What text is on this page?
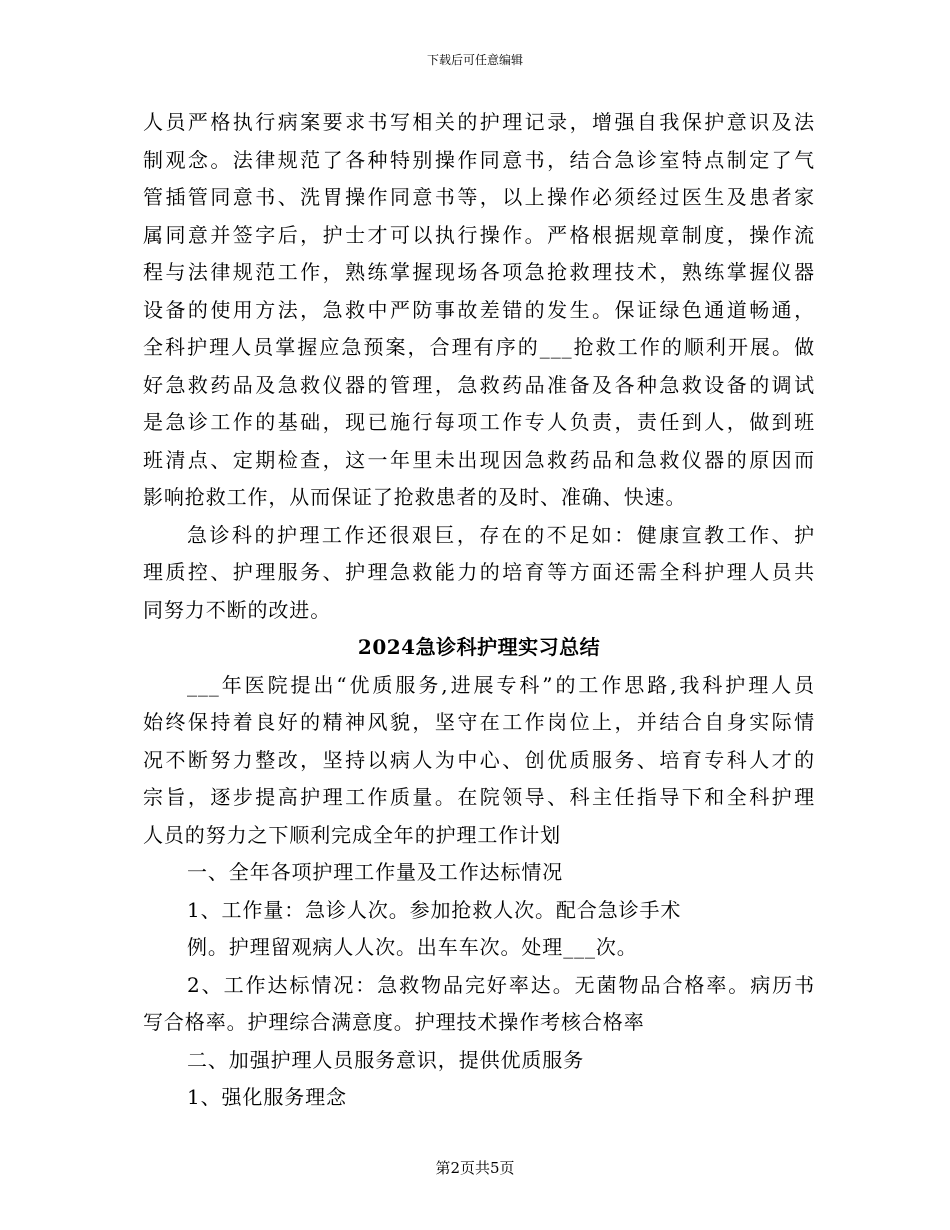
下载后可任意编辑
人员严格执行病案要求书写相关的护理记录，增强自我保护意识及法
制观念。法律规范了各种特别操作同意书，结合急诊室特点制定了气
管插管同意书、洗胃操作同意书等，以上操作必须经过医生及患者家
属同意并签字后，护士才可以执行操作。严格根据规章制度，操作流
程与法律规范工作，熟练掌握现场各项急抢救理技术，熟练掌握仪器
设备的使用方法，急救中严防事故差错的发生。保证绿色通道畅通，
全科护理人员掌握应急预案，合理有序的___抢救工作的顺利开展。做
好急救药品及急救仪器的管理，急救药品准备及各种急救设备的调试
是急诊工作的基础，现已施行每项工作专人负责，责任到人，做到班
班清点、定期检查，这一年里未出现因急救药品和急救仪器的原因而
影响抢救工作，从而保证了抢救患者的及时、准确、快速。
急诊科的护理工作还很艰巨，存在的不足如：健康宣教工作、护
理质控、护理服务、护理急救能力的培育等方面还需全科护理人员共
同努力不断的改进。
2024急诊科护理实习总结
___年医院提出“优质服务,进展专科”的工作思路,我科护理人员
始终保持着良好的精神风貌，坚守在工作岗位上，并结合自身实际情
况不断努力整改，坚持以病人为中心、创优质服务、培育专科人才的
宗旨，逐步提高护理工作质量。在院领导、科主任指导下和全科护理
人员的努力之下顺利完成全年的护理工作计划
一、全年各项护理工作量及工作达标情况
1、工作量：急诊人次。参加抢救人次。配合急诊手术
例。护理留观病人人次。出车车次。处理___次。
2、工作达标情况：急救物品完好率达。无菌物品合格率。病历书
写合格率。护理综合满意度。护理技术操作考核合格率
二、加强护理人员服务意识，提供优质服务
1、强化服务理念
第2页共5页
